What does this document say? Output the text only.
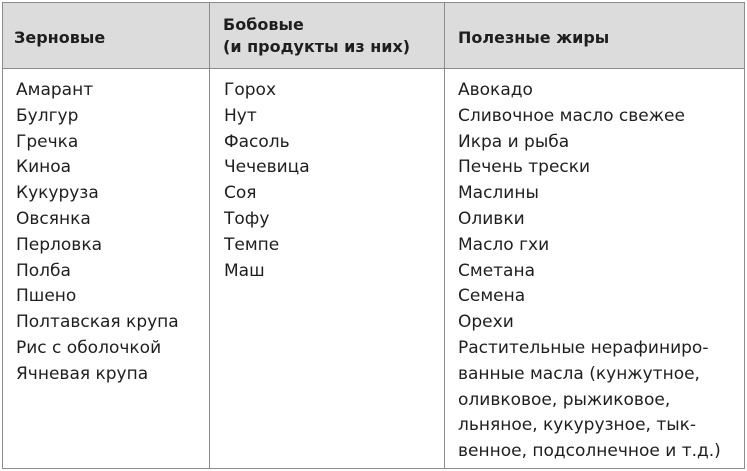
Зерновые
Бобовые
(и продукты из них)	Полезные жиры
Амарант
Булгур
Гречка
Киноа
Кукуруза
Овсянка
Перловка
Полба
Пшено
Полтавская крупа
Рис с оболочкой
Ячневая крупа
Горох
Нут
Фасоль
Чечевица
Соя
Тофу
Темпе
Маш
Авокадо
Сливочное масло свежее
Икра и рыба
Печень трески
Маслины
Оливки
Масло гхи
Сметана
Семена
Орехи
Растительные нерафиниро-
ванные масла (кунжутное,
оливковое, рыжиковое,
льняное, кукурузное, тык-
венное, подсолнечное и т.д.)
